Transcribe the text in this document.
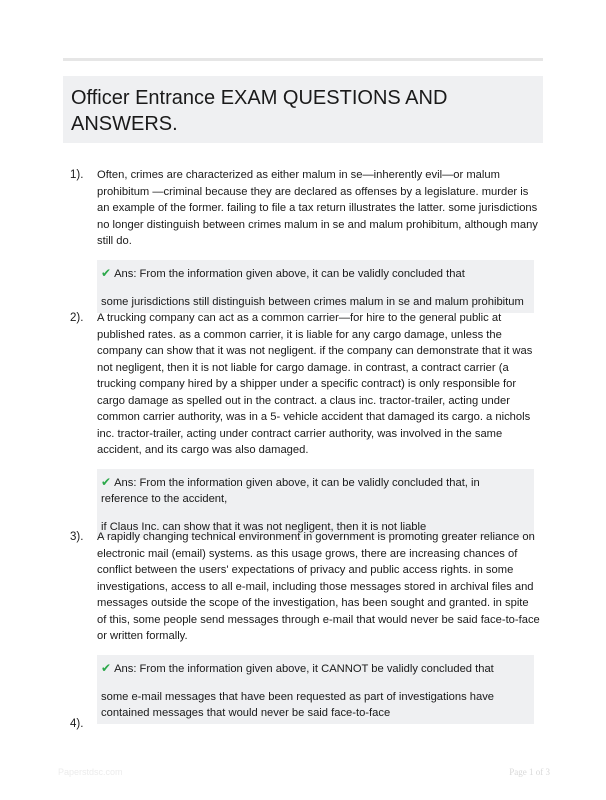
Officer Entrance EXAM QUESTIONS AND ANSWERS.
1). Often, crimes are characterized as either malum in se—inherently evil—or malum prohibitum —criminal because they are declared as offenses by a legislature. murder is an example of the former. failing to file a tax return illustrates the latter. some jurisdictions no longer distinguish between crimes malum in se and malum prohibitum, although many still do.

✔ Ans: From the information given above, it can be validly concluded that

some jurisdictions still distinguish between crimes malum in se and malum prohibitum

2). A trucking company can act as a common carrier—for hire to the general public at published rates. as a common carrier, it is liable for any cargo damage, unless the company can show that it was not negligent. if the company can demonstrate that it was not negligent, then it is not liable for cargo damage. in contrast, a contract carrier (a trucking company hired by a shipper under a specific contract) is only responsible for cargo damage as spelled out in the contract. a claus inc. tractor-trailer, acting under common carrier authority, was in a 5- vehicle accident that damaged its cargo. a nichols inc. tractor-trailer, acting under contract carrier authority, was involved in the same accident, and its cargo was also damaged.

✔ Ans: From the information given above, it can be validly concluded that, in reference to the accident,

if Claus Inc. can show that it was not negligent, then it is not liable

3). A rapidly changing technical environment in government is promoting greater reliance on electronic mail (email) systems. as this usage grows, there are increasing chances of conflict between the users' expectations of privacy and public access rights. in some investigations, access to all e-mail, including those messages stored in archival files and messages outside the scope of the investigation, has been sought and granted. in spite of this, some people send messages through e-mail that would never be said face-to-face or written formally.

✔ Ans: From the information given above, it CANNOT be validly concluded that

some e-mail messages that have been requested as part of investigations have contained messages that would never be said face-to-face

4).
Paperstdsc.com	Page 1 of 3
